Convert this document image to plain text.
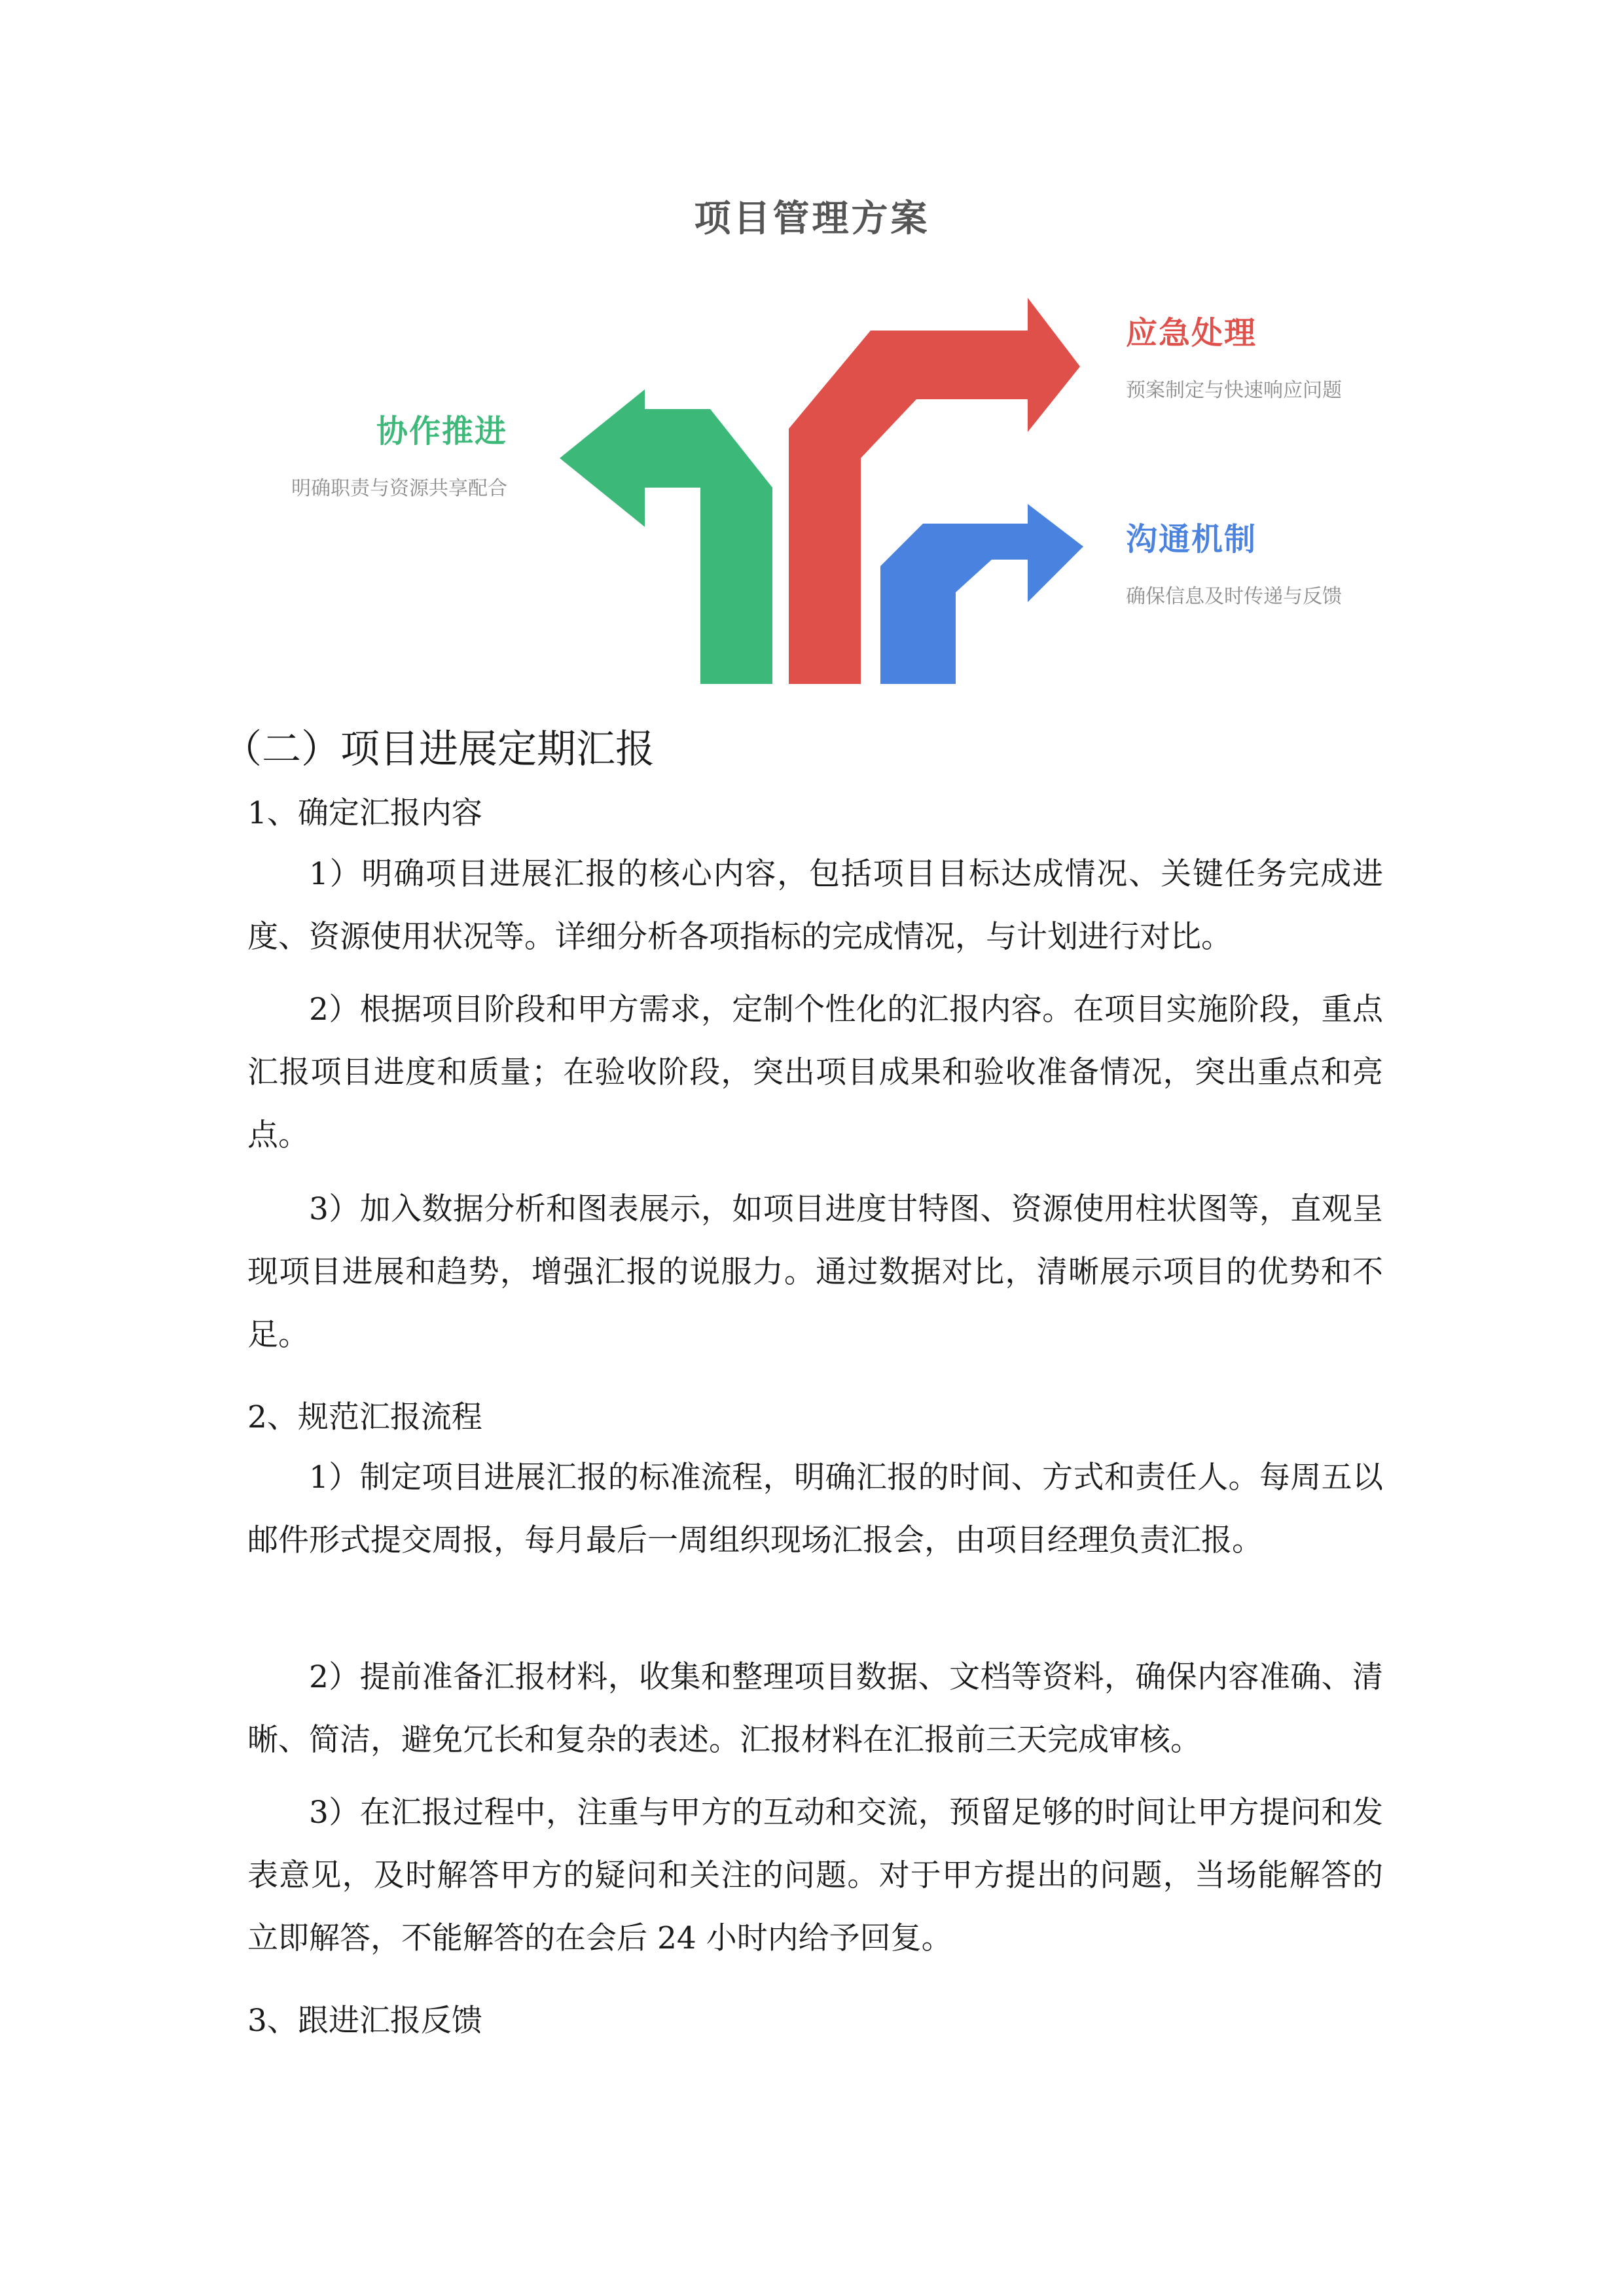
项目管理方案
协作推进
明确职责与资源共享配合
应急处理
预案制定与快速响应问题
沟通机制
确保信息及时传递与反馈
（二）项目进展定期汇报
1、确定汇报内容
1）明确项目进展汇报的核心内容，包括项目目标达成情况、关键任务完成进度、资源使用状况等。详细分析各项指标的完成情况，与计划进行对比。
2）根据项目阶段和甲方需求，定制个性化的汇报内容。在项目实施阶段，重点汇报项目进度和质量；在验收阶段，突出项目成果和验收准备情况，突出重点和亮点。
3）加入数据分析和图表展示，如项目进度甘特图、资源使用柱状图等，直观呈现项目进展和趋势，增强汇报的说服力。通过数据对比，清晰展示项目的优势和不足。
2、规范汇报流程
1）制定项目进展汇报的标准流程，明确汇报的时间、方式和责任人。每周五以邮件形式提交周报，每月最后一周组织现场汇报会，由项目经理负责汇报。
2）提前准备汇报材料，收集和整理项目数据、文档等资料，确保内容准确、清晰、简洁，避免冗长和复杂的表述。汇报材料在汇报前三天完成审核。
3）在汇报过程中，注重与甲方的互动和交流，预留足够的时间让甲方提问和发表意见，及时解答甲方的疑问和关注的问题。对于甲方提出的问题，当场能解答的立即解答，不能解答的在会后 24 小时内给予回复。
3、跟进汇报反馈
